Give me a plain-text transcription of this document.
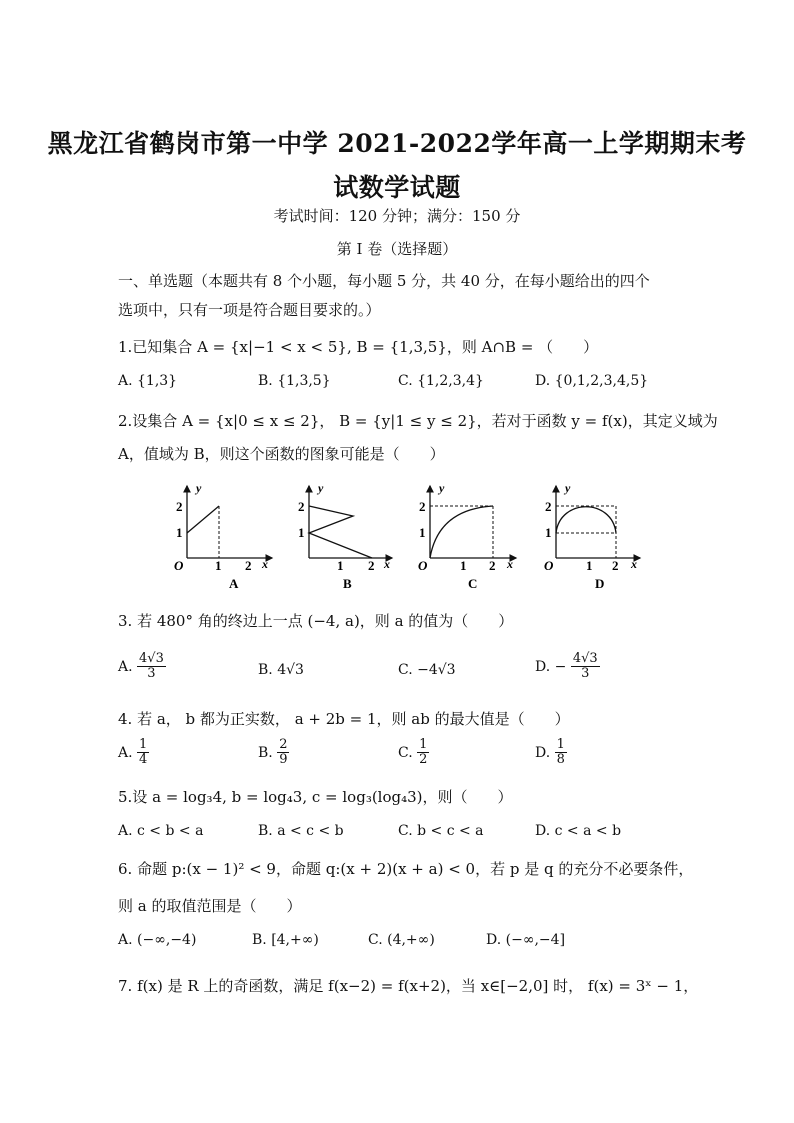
黑龙江省鹤岗市第一中学 2021-2022学年高一上学期期末考
试数学试题
考试时间：120 分钟；满分：150 分
第 I 卷（选择题）
一、单选题（本题共有 8 个小题，每小题 5 分，共 40 分，在每小题给出的四个
选项中，只有一项是符合题目要求的。）
1.已知集合 A = {x|−1 < x < 5}, B = {1,3,5}，则 A∩B = （　　）
A. {1,3}	B. {1,3,5}	C. {1,2,3,4}	D. {0,1,2,3,4,5}
2.设集合 A = {x|0 ≤ x ≤ 2}， B = {y|1 ≤ y ≤ 2}，若对于函数 y = f(x)，其定义域为
A，值域为 B，则这个函数的图象可能是（　　）
y
x
O
2
1
1 2
A
y
x
2
1
1 2
B
y
x
O
2
1
1 2
C
y
x
O
2
1
1 2
D
3. 若 480° 角的终边上一点 (−4, a)，则 a 的值为（　　）
A. $\frac{4√3}{3}$	B. 4√3	C. −4√3	D. − $\frac{4√3}{3}$
4. 若 a， b 都为正实数， a + 2b = 1，则 ab 的最大值是（　　）
A. $\frac{1}{4}$	B. $\frac{2}{9}$	C. $\frac{1}{2}$	D. $\frac{1}{8}$
5.设 a = log₃4, b = log₄3, c = log₃(log₄3)，则（　　）
A. c < b < a	B. a < c < b	C. b < c < a	D. c < a < b
6. 命题 p:(x − 1)² < 9，命题 q:(x + 2)(x + a) < 0，若 p 是 q 的充分不必要条件，
则 a 的取值范围是（　　）
A. (−∞,−4)	B. [4,+∞)	C. (4,+∞)	D. (−∞,−4]
7. f(x) 是 R 上的奇函数，满足 f(x−2) = f(x+2)，当 x∈[−2,0] 时， f(x) = 3ˣ − 1，
